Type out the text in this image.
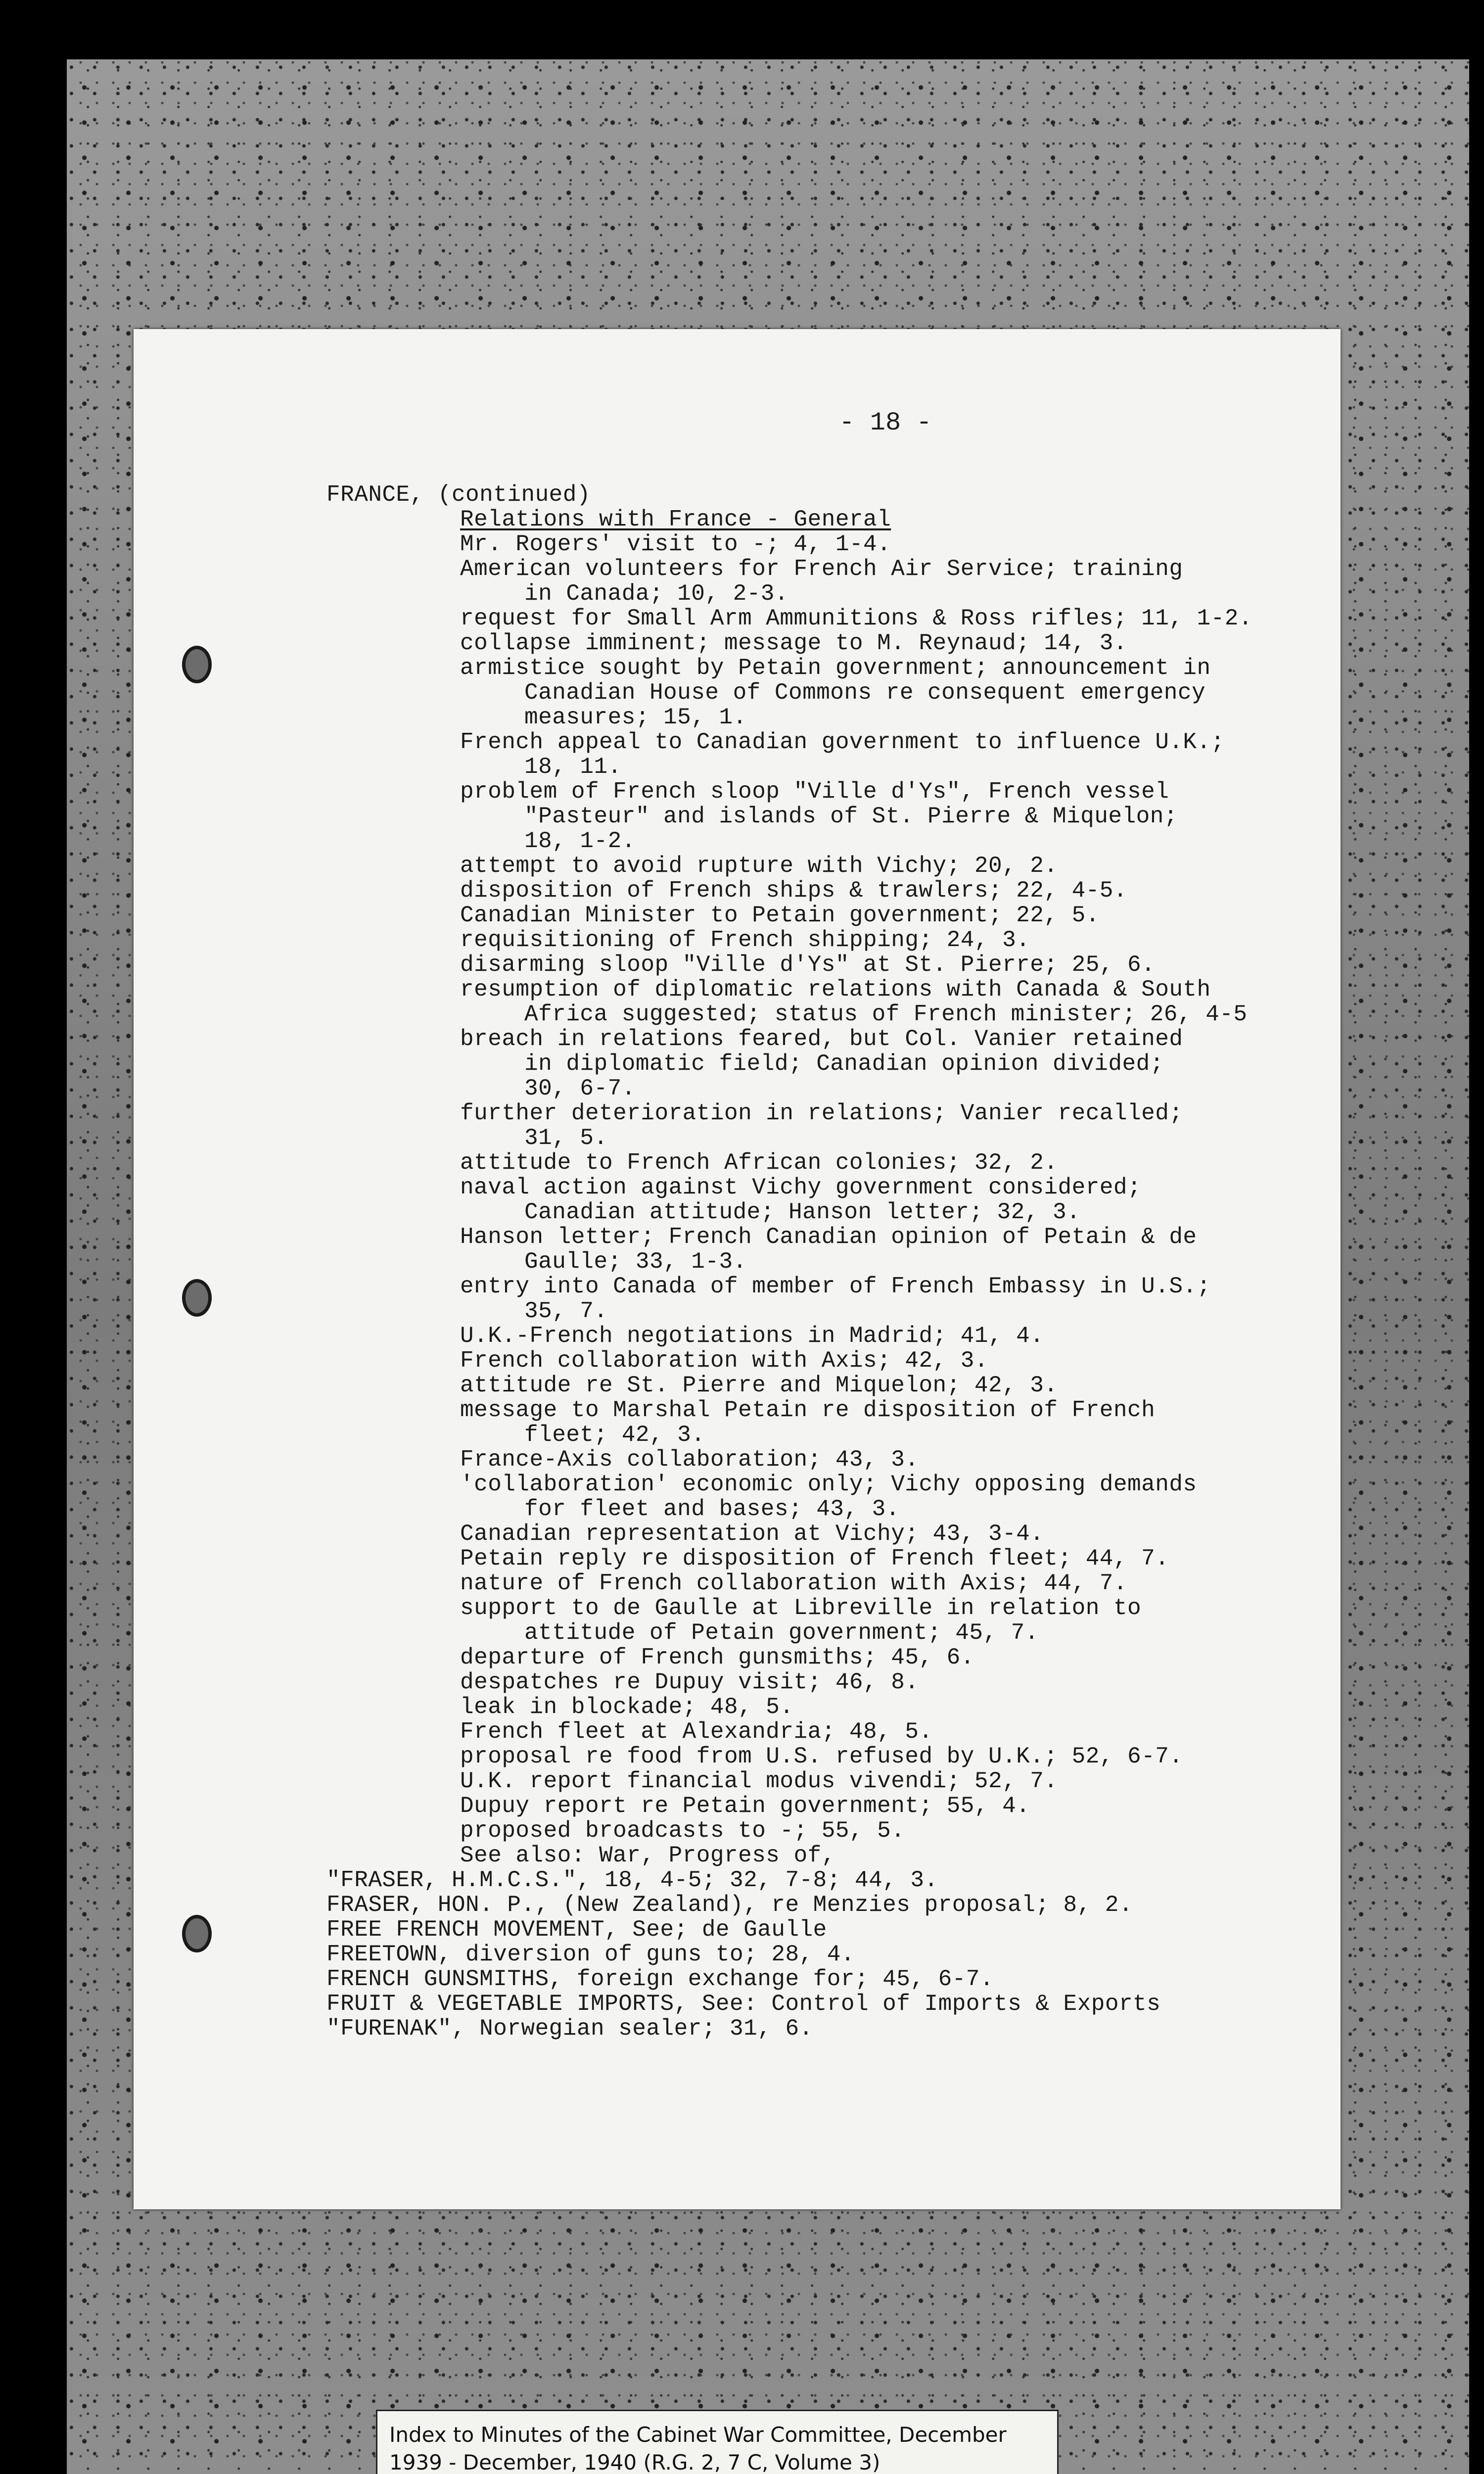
- 18 -
FRANCE, (continued)
Relations with France - General
Mr. Rogers' visit to -; 4, 1-4.
American volunteers for French Air Service; training
in Canada; 10, 2-3.
request for Small Arm Ammunitions & Ross rifles; 11, 1-2.
collapse imminent; message to M. Reynaud; 14, 3.
armistice sought by Petain government; announcement in
Canadian House of Commons re consequent emergency
measures; 15, 1.
French appeal to Canadian government to influence U.K.;
18, 11.
problem of French sloop "Ville d'Ys", French vessel
"Pasteur" and islands of St. Pierre & Miquelon;
18, 1-2.
attempt to avoid rupture with Vichy; 20, 2.
disposition of French ships & trawlers; 22, 4-5.
Canadian Minister to Petain government; 22, 5.
requisitioning of French shipping; 24, 3.
disarming sloop "Ville d'Ys" at St. Pierre; 25, 6.
resumption of diplomatic relations with Canada & South
Africa suggested; status of French minister; 26, 4-5
breach in relations feared, but Col. Vanier retained
in diplomatic field; Canadian opinion divided;
30, 6-7.
further deterioration in relations; Vanier recalled;
31, 5.
attitude to French African colonies; 32, 2.
naval action against Vichy government considered;
Canadian attitude; Hanson letter; 32, 3.
Hanson letter; French Canadian opinion of Petain & de
Gaulle; 33, 1-3.
entry into Canada of member of French Embassy in U.S.;
35, 7.
U.K.-French negotiations in Madrid; 41, 4.
French collaboration with Axis; 42, 3.
attitude re St. Pierre and Miquelon; 42, 3.
message to Marshal Petain re disposition of French
fleet; 42, 3.
France-Axis collaboration; 43, 3.
'collaboration' economic only; Vichy opposing demands
for fleet and bases; 43, 3.
Canadian representation at Vichy; 43, 3-4.
Petain reply re disposition of French fleet; 44, 7.
nature of French collaboration with Axis; 44, 7.
support to de Gaulle at Libreville in relation to
attitude of Petain government; 45, 7.
departure of French gunsmiths; 45, 6.
despatches re Dupuy visit; 46, 8.
leak in blockade; 48, 5.
French fleet at Alexandria; 48, 5.
proposal re food from U.S. refused by U.K.; 52, 6-7.
U.K. report financial modus vivendi; 52, 7.
Dupuy report re Petain government; 55, 4.
proposed broadcasts to -; 55, 5.
See also: War, Progress of,
"FRASER, H.M.C.S.", 18, 4-5; 32, 7-8; 44, 3.
FRASER, HON. P., (New Zealand), re Menzies proposal; 8, 2.
FREE FRENCH MOVEMENT, See; de Gaulle
FREETOWN, diversion of guns to; 28, 4.
FRENCH GUNSMITHS, foreign exchange for; 45, 6-7.
FRUIT & VEGETABLE IMPORTS, See: Control of Imports & Exports
"FURENAK", Norwegian sealer; 31, 6.
Index to Minutes of the Cabinet War Committee, December
1939 - December, 1940 (R.G. 2, 7 C, Volume 3)
